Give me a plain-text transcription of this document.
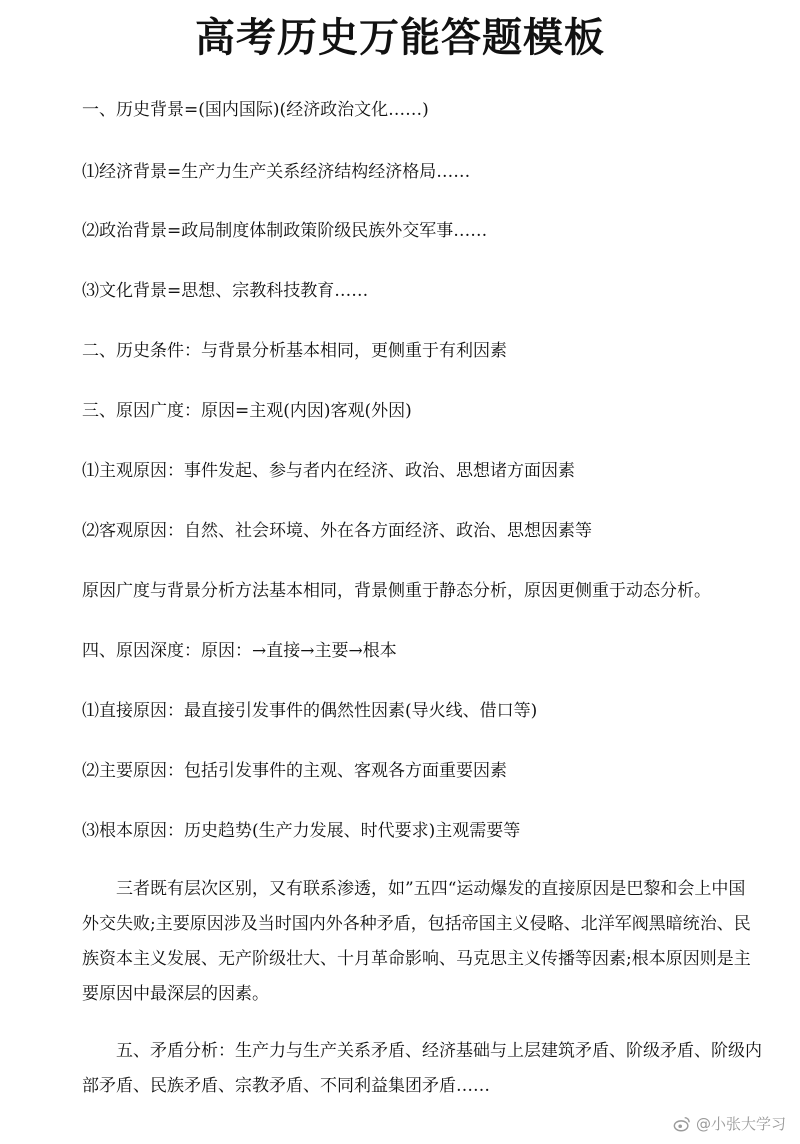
高考历史万能答题模板

一、历史背景=(国内国际)(经济政治文化……)

⑴经济背景=生产力生产关系经济结构经济格局……

⑵政治背景=政局制度体制政策阶级民族外交军事……

⑶文化背景=思想、宗教科技教育……

二、历史条件：与背景分析基本相同，更侧重于有利因素

三、原因广度：原因=主观(内因)客观(外因)

⑴主观原因：事件发起、参与者内在经济、政治、思想诸方面因素

⑵客观原因：自然、社会环境、外在各方面经济、政治、思想因素等

原因广度与背景分析方法基本相同，背景侧重于静态分析，原因更侧重于动态分析。

四、原因深度：原因：→直接→主要→根本

⑴直接原因：最直接引发事件的偶然性因素(导火线、借口等)

⑵主要原因：包括引发事件的主观、客观各方面重要因素

⑶根本原因：历史趋势(生产力发展、时代要求)主观需要等

三者既有层次区别，又有联系渗透，如”五四“运动爆发的直接原因是巴黎和会上中国
外交失败;主要原因涉及当时国内外各种矛盾，包括帝国主义侵略、北洋军阀黑暗统治、民
族资本主义发展、无产阶级壮大、十月革命影响、马克思主义传播等因素;根本原因则是主
要原因中最深层的因素。
五、矛盾分析：生产力与生产关系矛盾、经济基础与上层建筑矛盾、阶级矛盾、阶级内
部矛盾、民族矛盾、宗教矛盾、不同利益集团矛盾……
@小张大学习
